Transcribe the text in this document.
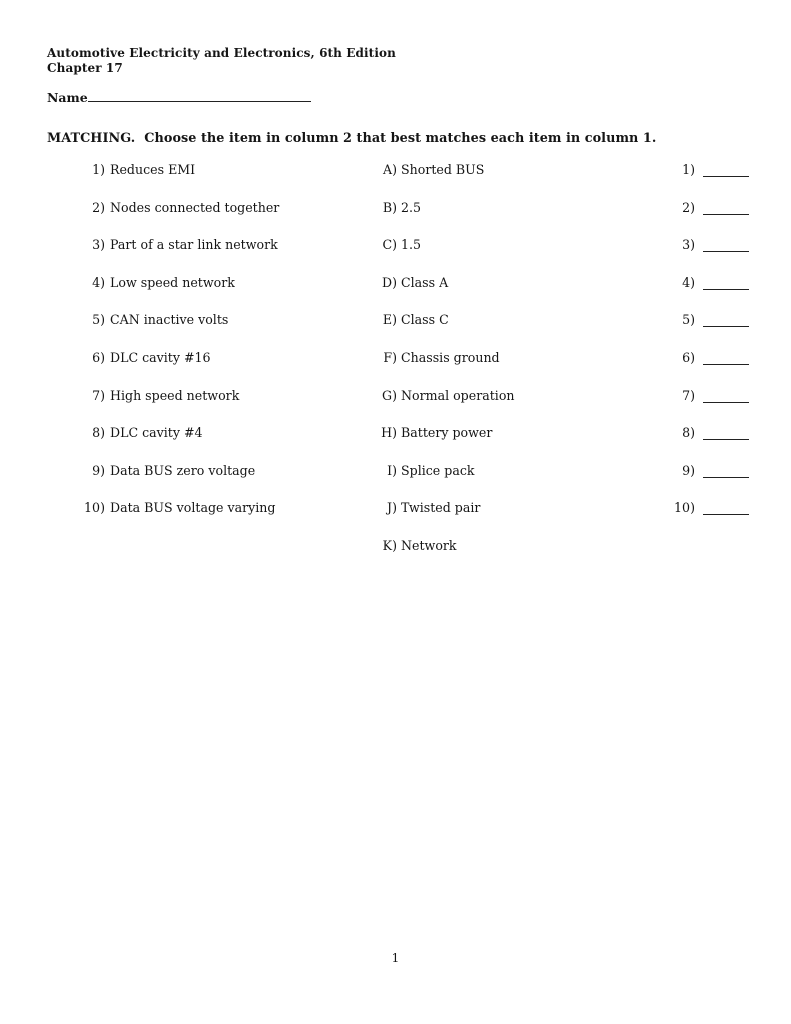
Automotive Electricity and Electronics, 6th Edition
Chapter 17
Name
MATCHING.  Choose the item in column 2 that best matches each item in column 1.
1) Reduces EMI	A) Shorted BUS	1)
2) Nodes connected together	B) 2.5	2)
3) Part of a star link network	C) 1.5	3)
4) Low speed network	D) Class A	4)
5) CAN inactive volts	E) Class C	5)
6) DLC cavity #16	F) Chassis ground	6)
7) High speed network	G) Normal operation	7)
8) DLC cavity #4	H) Battery power	8)
9) Data BUS zero voltage	I) Splice pack	9)
10) Data BUS voltage varying	J) Twisted pair	10)
K) Network
1
